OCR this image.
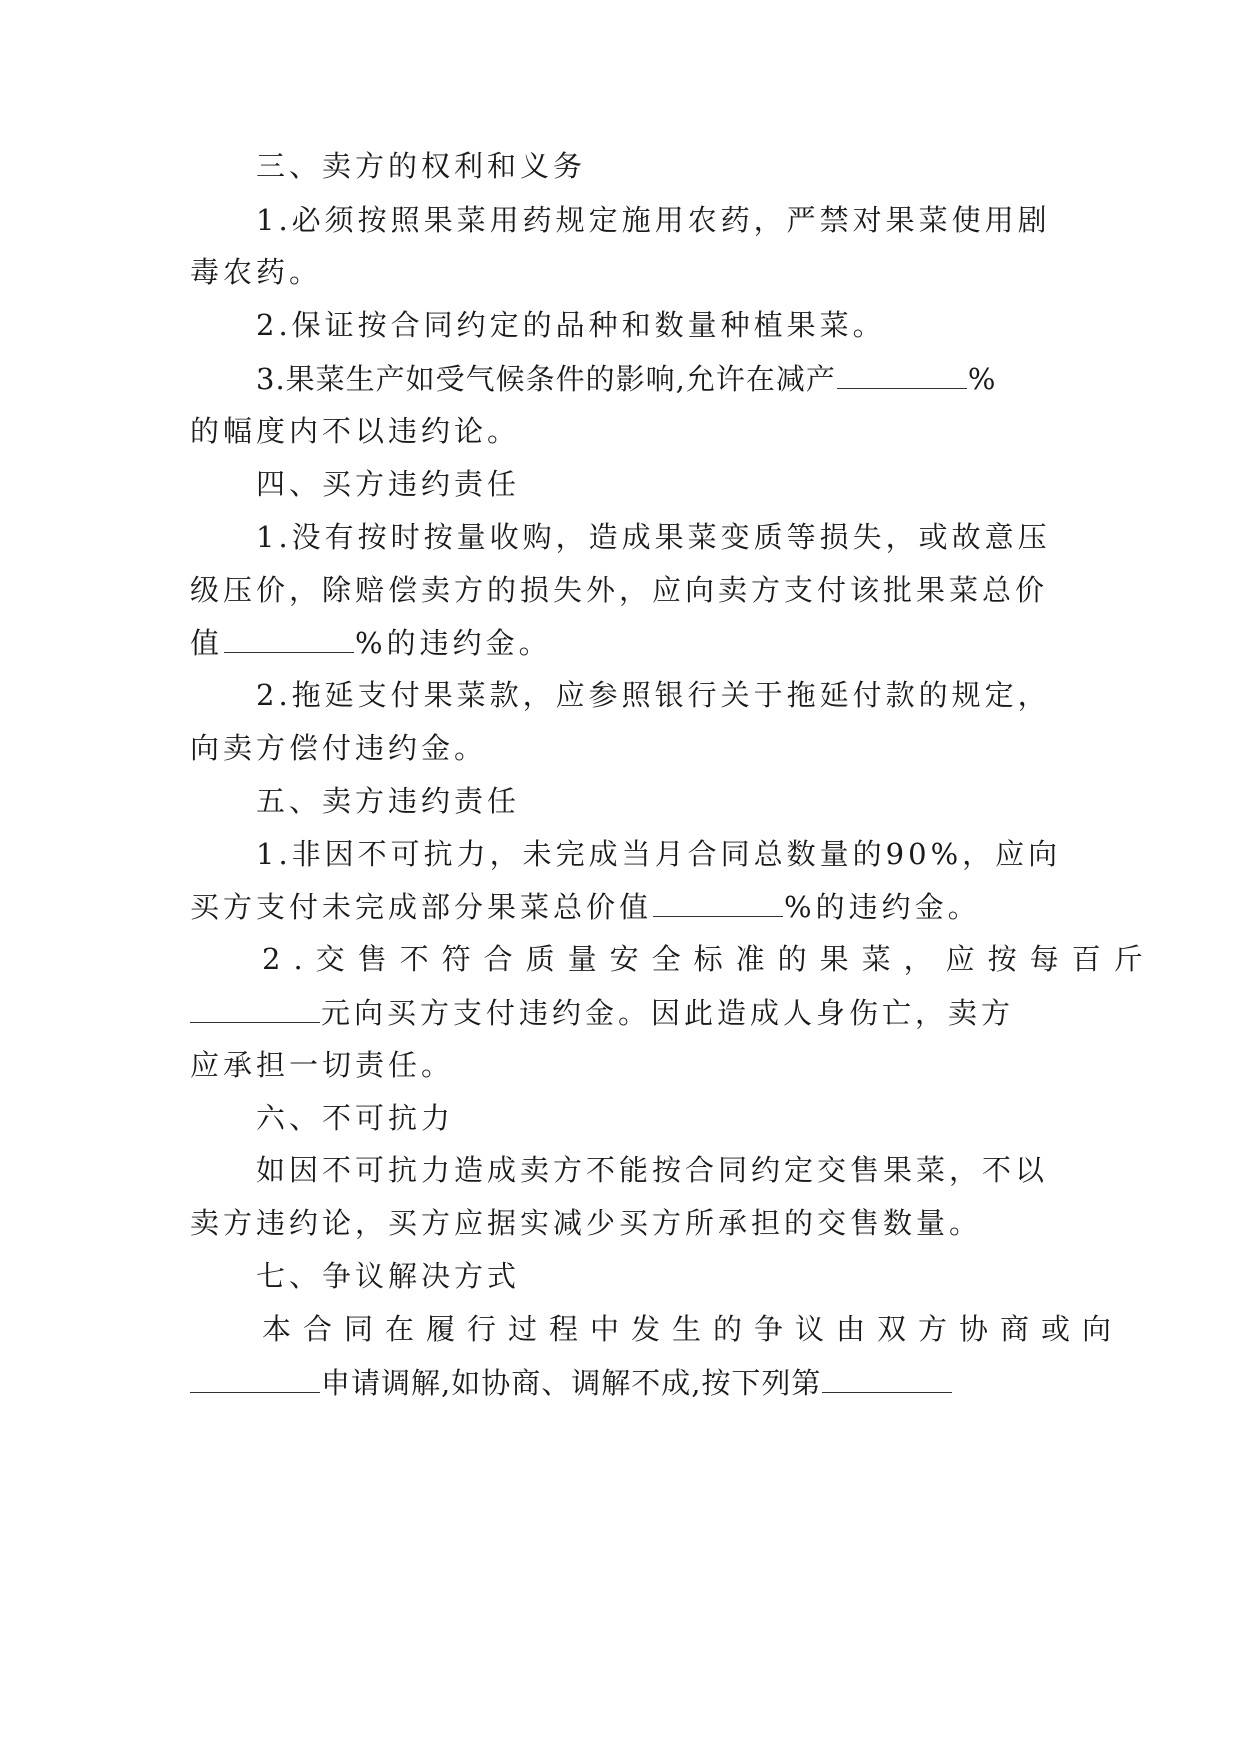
三、卖方的权利和义务
1.必须按照果菜用药规定施用农药，严禁对果菜使用剧
毒农药。
2.保证按合同约定的品种和数量种植果菜。
3.果菜生产如受气候条件的影响,允许在减产	%
的幅度内不以违约论。
四、买方违约责任
1.没有按时按量收购，造成果菜变质等损失，或故意压
级压价，除赔偿卖方的损失外，应向卖方支付该批果菜总价
值	%的违约金。
2.拖延支付果菜款，应参照银行关于拖延付款的规定，
向卖方偿付违约金。
五、卖方违约责任
1.非因不可抗力，未完成当月合同总数量的90%，应向
买方支付未完成部分果菜总价值	%的违约金。
2.交售不符合质量安全标准的果菜，应按每百斤
元向买方支付违约金。因此造成人身伤亡，卖方
应承担一切责任。
六、不可抗力
如因不可抗力造成卖方不能按合同约定交售果菜，不以
卖方违约论，买方应据实减少买方所承担的交售数量。
七、争议解决方式
本合同在履行过程中发生的争议由双方协商或向
申请调解,如协商、调解不成,按下列第
